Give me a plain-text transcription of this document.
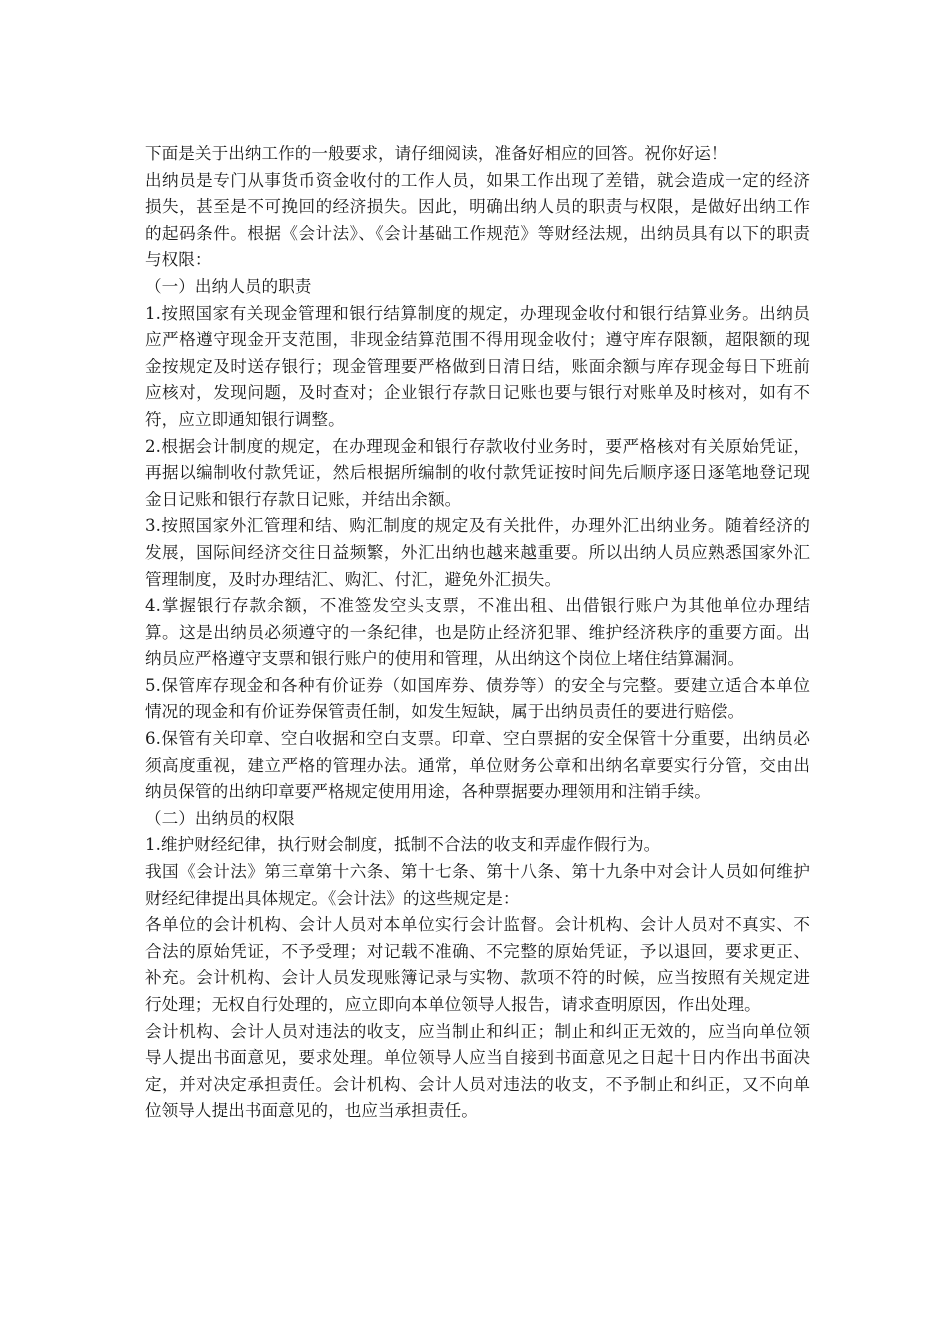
下面是关于出纳工作的一般要求，请仔细阅读，准备好相应的回答。祝你好运！

出纳员是专门从事货币资金收付的工作人员，如果工作出现了差错，就会造成一定的经济损失，甚至是不可挽回的经济损失。因此，明确出纳人员的职责与权限，是做好出纳工作的起码条件。根据《会计法》、《会计基础工作规范》等财经法规，出纳员具有以下的职责与权限：

（一）出纳人员的职责

1.按照国家有关现金管理和银行结算制度的规定，办理现金收付和银行结算业务。出纳员应严格遵守现金开支范围，非现金结算范围不得用现金收付；遵守库存限额，超限额的现金按规定及时送存银行；现金管理要严格做到日清日结，账面余额与库存现金每日下班前应核对，发现问题，及时查对；企业银行存款日记账也要与银行对账单及时核对，如有不符，应立即通知银行调整。

2.根据会计制度的规定，在办理现金和银行存款收付业务时，要严格核对有关原始凭证，再据以编制收付款凭证，然后根据所编制的收付款凭证按时间先后顺序逐日逐笔地登记现金日记账和银行存款日记账，并结出余额。

3.按照国家外汇管理和结、购汇制度的规定及有关批件，办理外汇出纳业务。随着经济的发展，国际间经济交往日益频繁，外汇出纳也越来越重要。所以出纳人员应熟悉国家外汇管理制度，及时办理结汇、购汇、付汇，避免外汇损失。

4.掌握银行存款余额，不准签发空头支票，不准出租、出借银行账户为其他单位办理结算。这是出纳员必须遵守的一条纪律，也是防止经济犯罪、维护经济秩序的重要方面。出纳员应严格遵守支票和银行账户的使用和管理，从出纳这个岗位上堵住结算漏洞。

5.保管库存现金和各种有价证券（如国库券、债券等）的安全与完整。要建立适合本单位情况的现金和有价证券保管责任制，如发生短缺，属于出纳员责任的要进行赔偿。

6.保管有关印章、空白收据和空白支票。印章、空白票据的安全保管十分重要，出纳员必须高度重视，建立严格的管理办法。通常，单位财务公章和出纳名章要实行分管，交由出纳员保管的出纳印章要严格规定使用用途，各种票据要办理领用和注销手续。

（二）出纳员的权限

1.维护财经纪律，执行财会制度，抵制不合法的收支和弄虚作假行为。

我国《会计法》第三章第十六条、第十七条、第十八条、第十九条中对会计人员如何维护财经纪律提出具体规定。《会计法》的这些规定是：

各单位的会计机构、会计人员对本单位实行会计监督。会计机构、会计人员对不真实、不合法的原始凭证，不予受理；对记载不准确、不完整的原始凭证，予以退回，要求更正、补充。会计机构、会计人员发现账簿记录与实物、款项不符的时候，应当按照有关规定进行处理；无权自行处理的，应立即向本单位领导人报告，请求查明原因，作出处理。

会计机构、会计人员对违法的收支，应当制止和纠正；制止和纠正无效的，应当向单位领导人提出书面意见，要求处理。单位领导人应当自接到书面意见之日起十日内作出书面决定，并对决定承担责任。会计机构、会计人员对违法的收支，不予制止和纠正，又不向单位领导人提出书面意见的，也应当承担责任。
